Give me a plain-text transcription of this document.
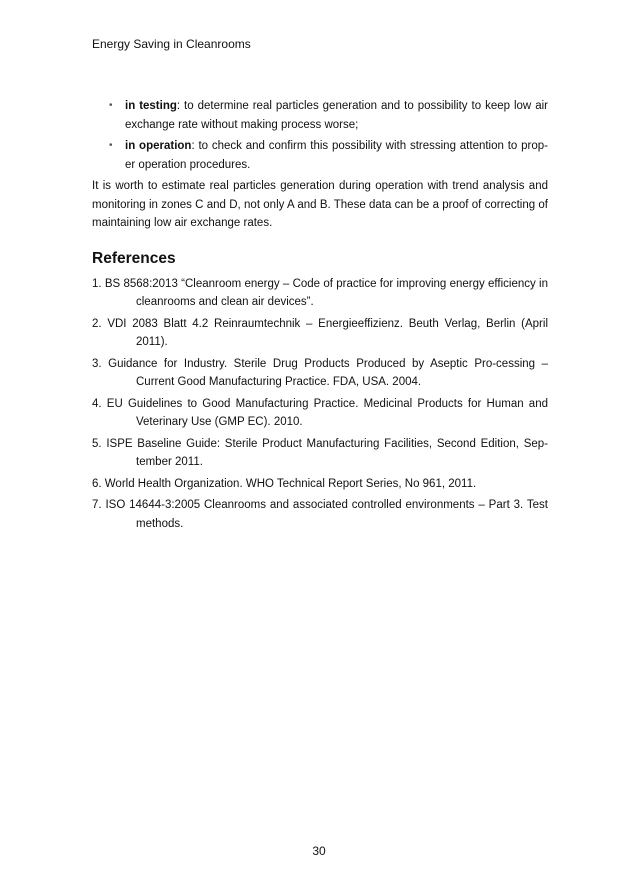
Energy Saving in Cleanrooms
• in testing: to determine real particles generation and to possibility to keep low air exchange rate without making process worse;
• in operation: to check and confirm this possibility with stressing attention to prop-er operation procedures.
It is worth to estimate real particles generation during operation with trend analysis and monitoring in zones C and D, not only A and B. These data can be a proof of correcting of maintaining low air exchange rates.
References
1. BS 8568:2013 “Cleanroom energy – Code of practice for improving energy efficiency in cleanrooms and clean air devices”.
2. VDI 2083 Blatt 4.2 Reinraumtechnik – Energieeffizienz. Beuth Verlag, Berlin (April 2011).
3. Guidance for Industry. Sterile Drug Products Produced by Aseptic Pro-cessing – Current Good Manufacturing Practice. FDA, USA. 2004.
4. EU Guidelines to Good Manufacturing Practice. Medicinal Products for Human and Veterinary Use (GMP EC). 2010.
5. ISPE Baseline Guide: Sterile Product Manufacturing Facilities, Second Edition, Sep-tember 2011.
6. World Health Organization. WHO Technical Report Series, No 961, 2011.
7. ISO 14644-3:2005 Cleanrooms and associated controlled environments – Part 3. Test methods.
30
